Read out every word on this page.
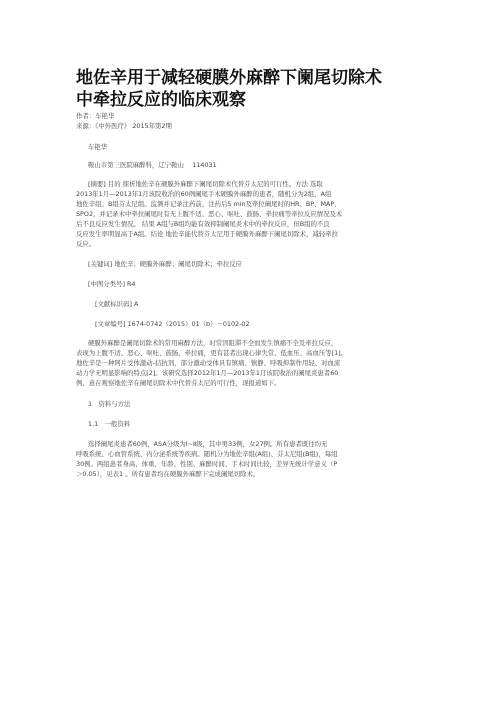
地佐辛用于减轻硬膜外麻醉下阑尾切除术
中牵拉反应的临床观察
作者：车艳华
来源：《中外医疗》 2015年第2期
车艳华
鞍山市第三医院麻醉科，辽宁鞍山　 114031
[摘要] 目的 探析地佐辛在硬膜外麻醉下阑尾切除术代替芬太尼的可行性。方法 选取
2013年1月—2013年1月该院收治的60例阑尾手术硬膜外麻醉的患者，随机分为2组，A组
地佐辛组；B组芬太尼组。监测并记录注药前、注药后5 min及牵拉阑尾时的HR、BP、MAP、
SPO2，并记录术中牵拉阑尾时有无上腹不适、恶心、呕吐、鼓肠、牵拉痛等牵拉反应情况及术
后不良反应发生情况。 结果 A组与B组均能有效抑制阑尾炎术中的牵拉反应，但B组的不良
反应发生率明显高于A组。结论 地佐辛能代替芬太尼用于硬膜外麻醉下阑尾切除术，减轻牵拉
反应。
[关键词] 地佐辛；硬膜外麻醉；阑尾切除术；牵拉反应
[中图分类号] R4
[文献标识码] A
[文章编号] 1674-0742（2015）01（b）－0102-02
硬膜外麻醉是阑尾切除术的常用麻醉方法，时常因阻滞不全而发生镇痛不全及牵拉反应，
表现为上腹不适、恶心、呕吐、鼓肠、牵拉痛，更有甚者出现心律失常、低血压、高血压等[1]。
地佐辛是一种阿片受体激动-拮抗剂，部分激动受体具有镇痛、镇静、呼吸抑制作用轻、对血流
动力学无明显影响的特点[2]。该研究选择2012年1月—2013年1月该院收治的阑尾炎患者60
例，意在观察地佐辛在阑尾切除术中代替芬太尼的可行性，现报道如下。
1　资料与方法
1.1　一般资料
选择阑尾炎患者60例，ASA分级为Ⅰ~Ⅱ级，其中男33例，女27例。所有患者既往均无
呼吸系统、心血管系统、内分泌系统等疾病。随机分为地佐辛组(A组)、芬太尼组(B组)，每组
30例。两组患者身高、体重、年龄、性别、麻醉时间、手术时间比较，差异无统计学意义（P
＞0.05），见表1 。所有患者均在硬膜外麻醉下完成阑尾切除术。
